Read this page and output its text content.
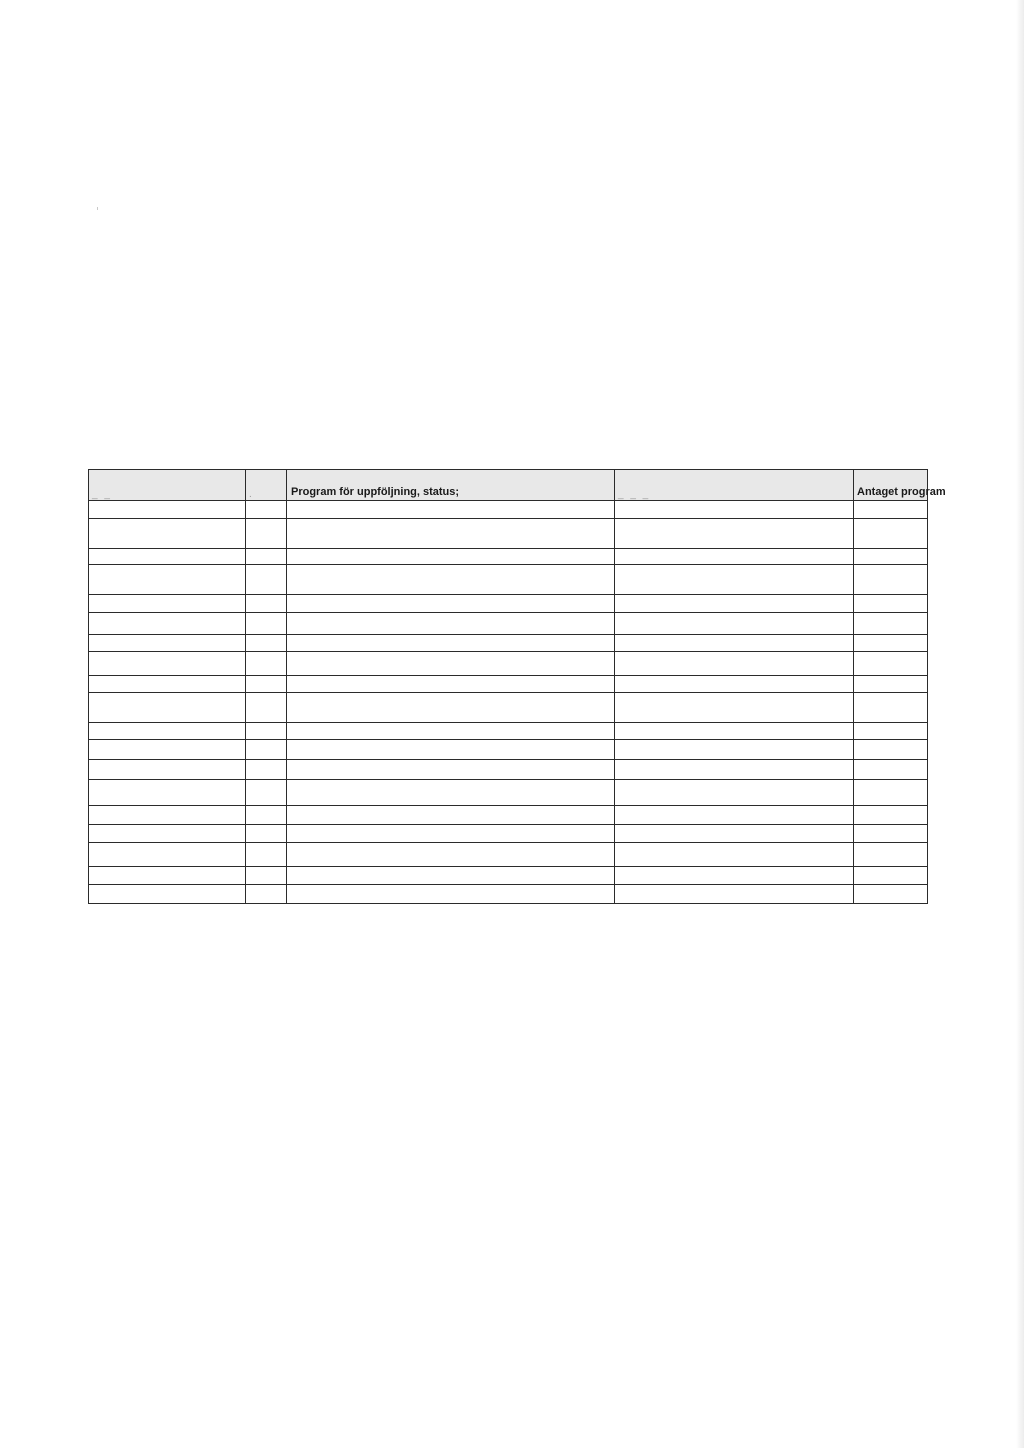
_ _	.	Program för uppföljning, status;	_ _ _	Antaget program
